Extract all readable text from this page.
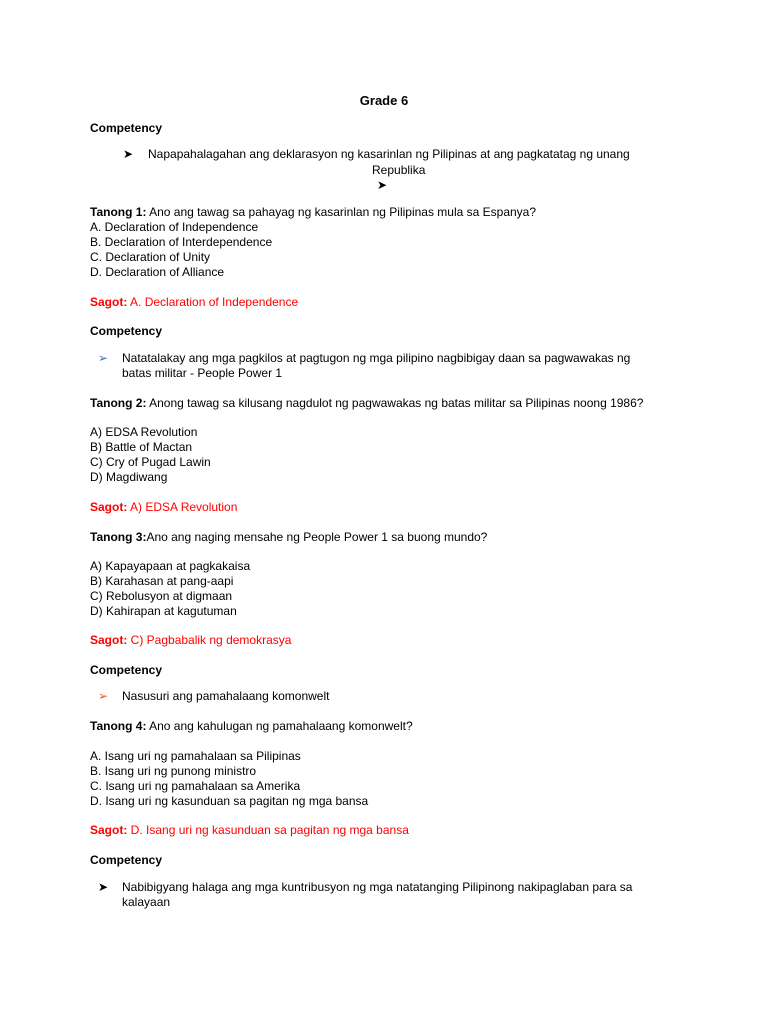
Grade 6
Competency
➤ Napapahalagahan ang deklarasyon ng kasarinlan ng Pilipinas at ang pagkatatag ng unang
Republika
➤
Tanong 1: Ano ang tawag sa pahayag ng kasarinlan ng Pilipinas mula sa Espanya?
A. Declaration of Independence
B. Declaration of Interdependence
C. Declaration of Unity
D. Declaration of Alliance
Sagot: A. Declaration of Independence
Competency
➢ Natatalakay ang mga pagkilos at pagtugon ng mga pilipino nagbibigay daan sa pagwawakas ng
batas militar - People Power 1
Tanong 2: Anong tawag sa kilusang nagdulot ng pagwawakas ng batas militar sa Pilipinas noong 1986?
A) EDSA Revolution
B) Battle of Mactan
C) Cry of Pugad Lawin
D) Magdiwang
Sagot: A) EDSA Revolution
Tanong 3:Ano ang naging mensahe ng People Power 1 sa buong mundo?
A) Kapayapaan at pagkakaisa
B) Karahasan at pang-aapi
C) Rebolusyon at digmaan
D) Kahirapan at kagutuman
Sagot: C) Pagbabalik ng demokrasya
Competency
➢ Nasusuri ang pamahalaang komonwelt
Tanong 4: Ano ang kahulugan ng pamahalaang komonwelt?
A. Isang uri ng pamahalaan sa Pilipinas
B. Isang uri ng punong ministro
C. Isang uri ng pamahalaan sa Amerika
D. Isang uri ng kasunduan sa pagitan ng mga bansa
Sagot: D. Isang uri ng kasunduan sa pagitan ng mga bansa
Competency
➤ Nabibigyang halaga ang mga kuntribusyon ng mga natatanging Pilipinong nakipaglaban para sa
kalayaan
